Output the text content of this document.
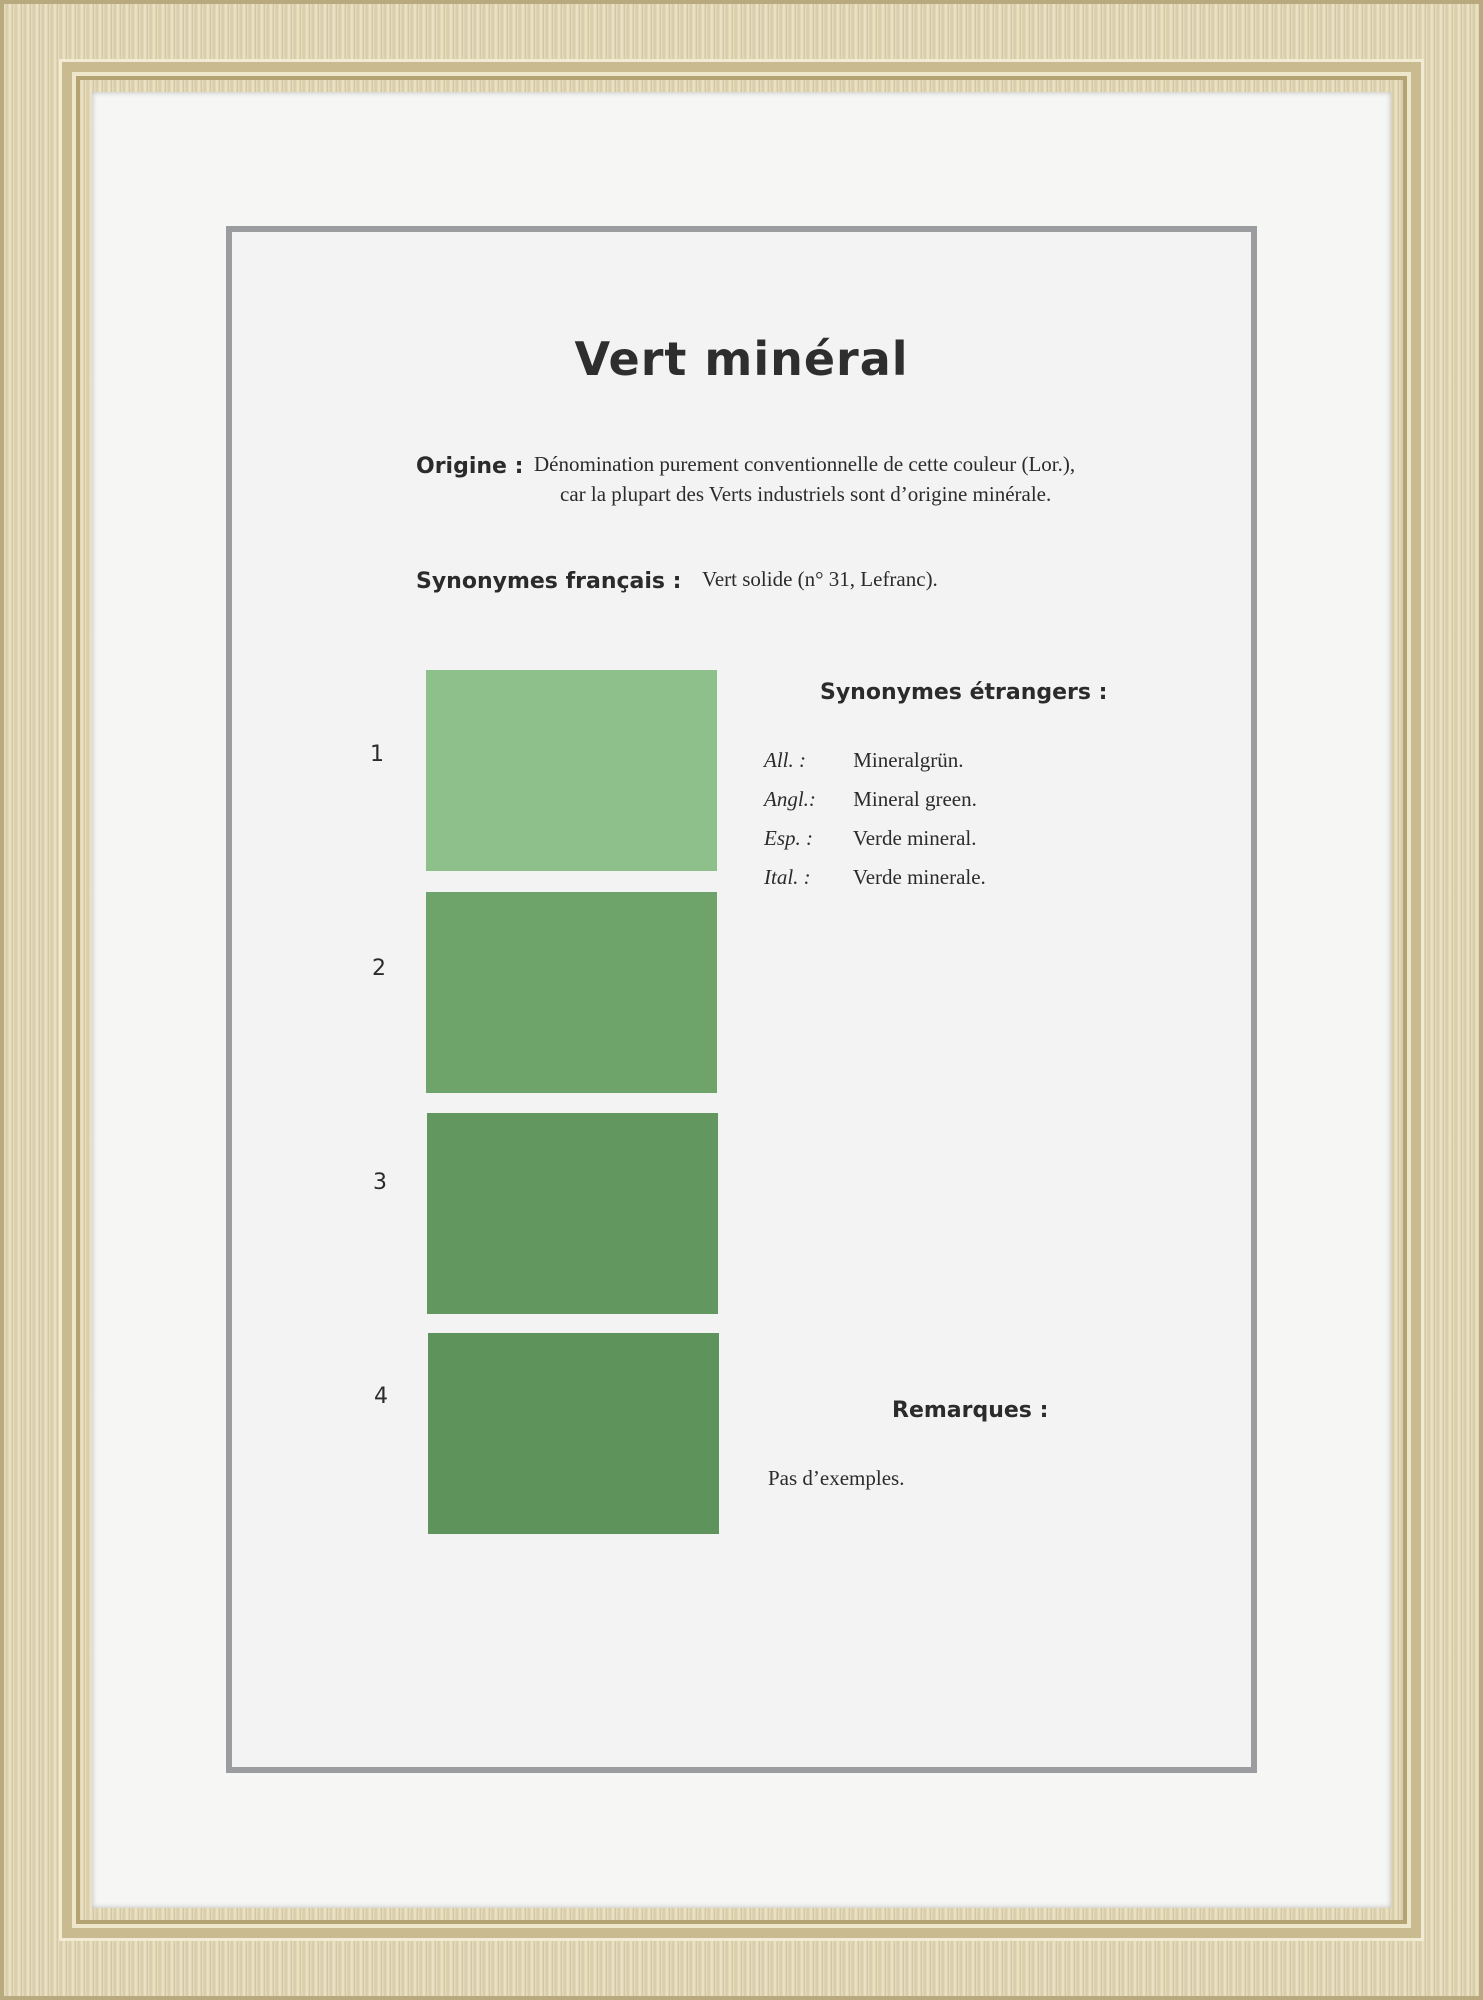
Vert minéral
Origine : Dénomination purement conventionnelle de cette couleur (Lor.),
car la plupart des Verts industriels sont d’origine minérale.
Synonymes français : Vert solide (n° 31, Lefranc).
1
2
3
4
Synonymes étrangers :
All. : Mineralgrün.
Angl.: Mineral green.
Esp. : Verde mineral.
Ital. : Verde minerale.
Remarques :
Pas d’exemples.
